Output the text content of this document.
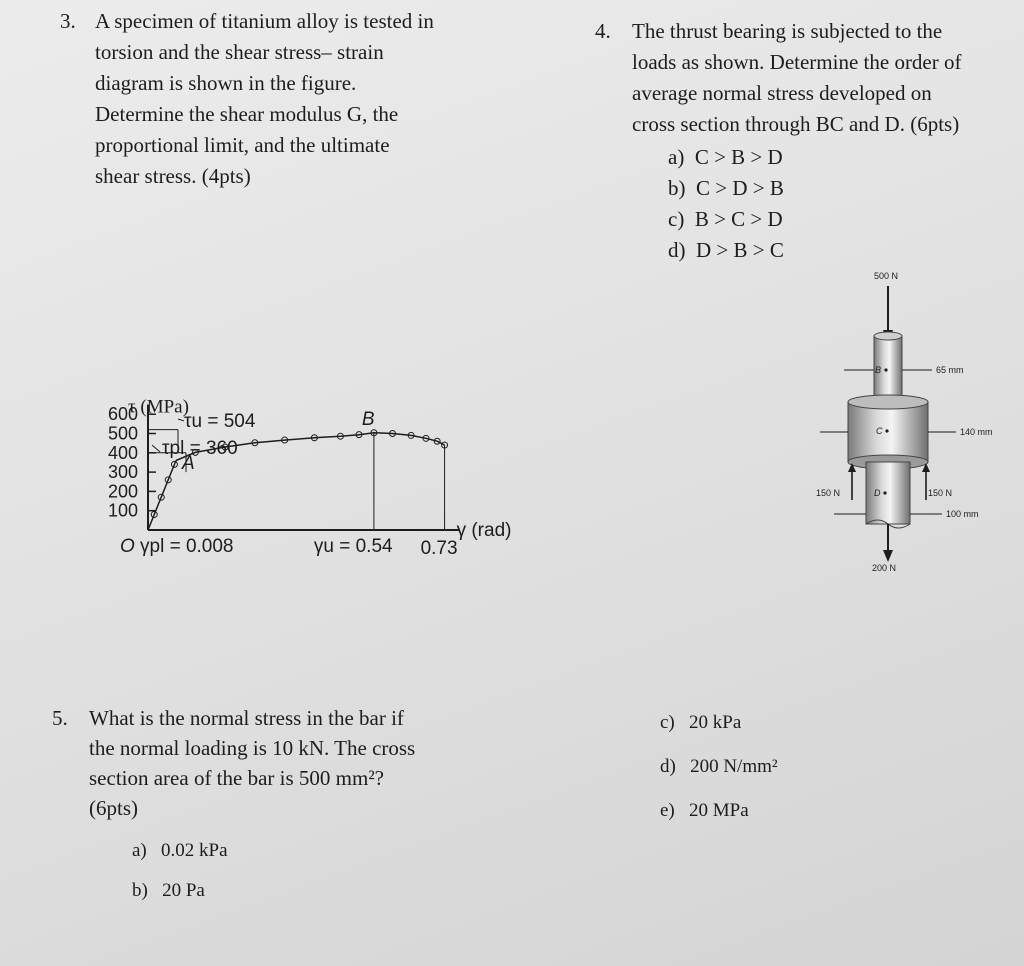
3. A specimen of titanium alloy is tested in
torsion and the shear stress– strain
diagram is shown in the figure.
Determine the shear modulus G, the
proportional limit, and the ultimate
shear stress. (4pts)
4. The thrust bearing is subjected to the
loads as shown. Determine the order of
average normal stress developed on
cross section through BC and D. (6pts)
a) C > B > D
b) C > D > B
c) B > C > D
d) D > B > C
100
200
300
400
500
600
τ (MPa)
τu = 504
τpl = 360
A
B
O γpl = 0.008	γu = 0.54 0.73
γ (rad)
500 N
B
C
D
150 N	150 N
200 N
65 mm
140 mm
100 mm
5. What is the normal stress in the bar if
the normal loading is 10 kN. The cross
section area of the bar is 500 mm²?
(6pts)
a) 0.02 kPa
b) 20 Pa
c) 20 kPa
d) 200 N/mm²
e) 20 MPa
